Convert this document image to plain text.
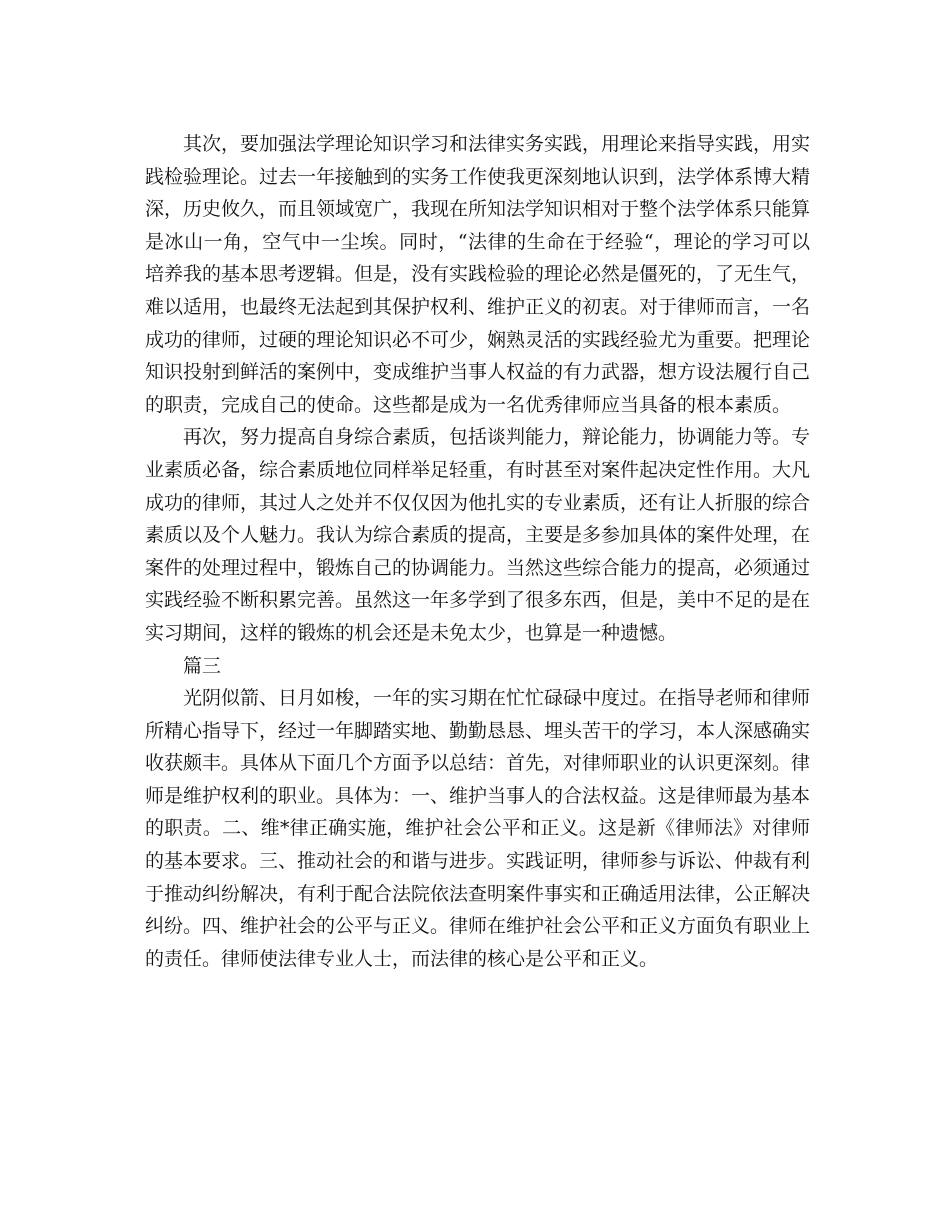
其次，要加强法学理论知识学习和法律实务实践，用理论来指导实践，用实践检验理论。过去一年接触到的实务工作使我更深刻地认识到，法学体系博大精深，历史攸久，而且领域宽广，我现在所知法学知识相对于整个法学体系只能算是冰山一角，空气中一尘埃。同时，“法律的生命在于经验“，理论的学习可以培养我的基本思考逻辑。但是，没有实践检验的理论必然是僵死的，了无生气，难以适用，也最终无法起到其保护权利、维护正义的初衷。对于律师而言，一名成功的律师，过硬的理论知识必不可少，娴熟灵活的实践经验尤为重要。把理论知识投射到鲜活的案例中，变成维护当事人权益的有力武器，想方设法履行自己的职责，完成自己的使命。这些都是成为一名优秀律师应当具备的根本素质。

再次，努力提高自身综合素质，包括谈判能力，辩论能力，协调能力等。专业素质必备，综合素质地位同样举足轻重，有时甚至对案件起决定性作用。大凡成功的律师，其过人之处并不仅仅因为他扎实的专业素质，还有让人折服的综合素质以及个人魅力。我认为综合素质的提高，主要是多参加具体的案件处理，在案件的处理过程中，锻炼自己的协调能力。当然这些综合能力的提高，必须通过实践经验不断积累完善。虽然这一年多学到了很多东西，但是，美中不足的是在实习期间，这样的锻炼的机会还是未免太少，也算是一种遗憾。

篇三

光阴似箭、日月如梭，一年的实习期在忙忙碌碌中度过。在指导老师和律师所精心指导下，经过一年脚踏实地、勤勤恳恳、埋头苦干的学习，本人深感确实收获颇丰。具体从下面几个方面予以总结：首先，对律师职业的认识更深刻。律师是维护权利的职业。具体为：一、维护当事人的合法权益。这是律师最为基本的职责。二、维*律正确实施，维护社会公平和正义。这是新《律师法》对律师的基本要求。三、推动社会的和谐与进步。实践证明，律师参与诉讼、仲裁有利于推动纠纷解决，有利于配合法院依法查明案件事实和正确适用法律，公正解决纠纷。四、维护社会的公平与正义。律师在维护社会公平和正义方面负有职业上的责任。律师使法律专业人士，而法律的核心是公平和正义。
